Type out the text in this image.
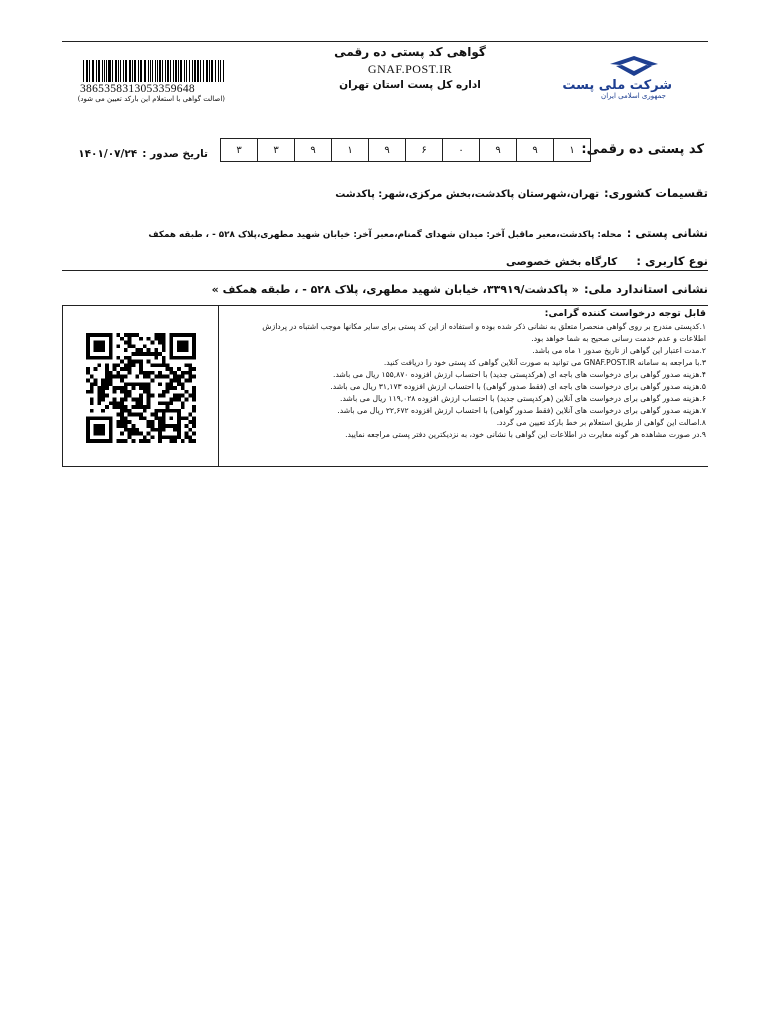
گواهی کد پستی ده رقمی
GNAF.POST.IR
اداره کل پست استان تهران
3865358313053359648
(اصالت گواهی با استعلام این بارکد تعیین می شود)
شرکت ملی پست
جمهوری اسلامی ایران
کد پستی ده رقمی:
۱
۹
۹
۰
۶
۹
۱
۹
۳
۳
تاریخ صدور : ۱۴۰۱/۰۷/۲۴
تقسیمات کشوری: تهران،شهرستان پاکدشت،بخش مرکزی،شهر: پاکدشت
نشانی پستی : محله: پاکدشت،معبر ماقبل آخر: میدان شهدای گمنام،معبر آخر: خیابان شهید مطهری،پلاک ۵۲۸ - ، طبقه همکف
نوع کاربری : کارگاه بخش خصوصی
نشانی استاندارد ملی: « پاکدشت/۳۳۹۱۹، خیابان شهید مطهری، پلاک ۵۲۸ - ، طبقه همکف »
قابل توجه درخواست کننده گرامی:
۱.کدپستی مندرج بر روی گواهی منحصرا متعلق به نشانی ذکر شده بوده و استفاده از این کد پستی برای سایر مکانها موجب اشتباه در پردازش
اطلاعات و عدم خدمت رسانی صحیح به شما خواهد بود.
۲.مدت اعتبار این گواهی از تاریخ صدور ۱ ماه می باشد.
۳.با مراجعه به سامانه GNAF.POST.IR می توانید به صورت آنلاین گواهی کد پستی خود را دریافت کنید.
۴.هزینه صدور گواهی برای درخواست های باجه ای (هرکدپستی جدید) با احتساب ارزش افزوده ۱۵۵,۸۷۰ ریال می باشد.
۵.هزینه صدور گواهی برای درخواست های باجه ای (فقط صدور گواهی) با احتساب ارزش افزوده ۳۱,۱۷۳ ریال می باشد.
۶.هزینه صدور گواهی برای درخواست های آنلاین (هرکدپستی جدید) با احتساب ارزش افزوده ۱۱۹,۰۲۸ ریال می باشد.
۷.هزینه صدور گواهی برای درخواست های آنلاین (فقط صدور گواهی) با احتساب ارزش افزوده ۲۲,۶۷۲ ریال می باشد.
۸.اصالت این گواهی از طریق استعلام بر خط بارکد تعیین می گردد.
۹.در صورت مشاهده هر گونه مغایرت در اطلاعات این گواهی با نشانی خود، به نزدیکترین دفتر پستی مراجعه نمایید.
